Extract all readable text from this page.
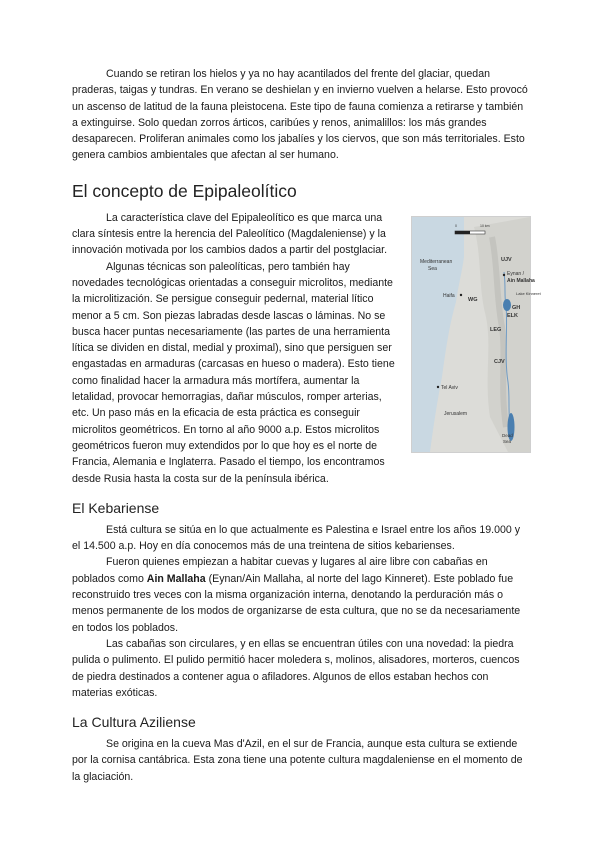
Cuando se retiran los hielos y ya no hay acantilados del frente del glaciar, quedan praderas, taigas y tundras. En verano se deshielan y en invierno vuelven a helarse. Esto provocó un ascenso de latitud de la fauna pleistocena. Este tipo de fauna comienza a retirarse y también a extinguirse. Solo quedan zorros árticos, caribúes y renos, animalillos: los más grandes desaparecen. Proliferan animales como los jabalíes y los ciervos, que son más territoriales. Esto genera cambios ambientales que afectan al ser humano.

El concepto de Epipaleolítico

La característica clave del Epipaleolítico es que marca una clara síntesis entre la herencia del Paleolítico (Magdaleniense) y la innovación motivada por los cambios dados a partir del postglaciar.

Algunas técnicas son paleolíticas, pero también hay novedades tecnológicas orientadas a conseguir microlitos, mediante la microlitización. Se persigue conseguir pedernal, material lítico menor a 5 cm. Son piezas labradas desde lascas o láminas. No se busca hacer puntas necesariamente (las partes de una herramienta lítica se dividen en distal, medial y proximal), sino que persiguen ser engastadas en armaduras (carcasas en hueso o madera). Esto tiene como finalidad hacer la armadura más mortífera, aumentar la letalidad, provocar hemorragias, dañar músculos, romper arterias, etc. Un paso más en la eficacia de esta práctica es conseguir microlitos geométricos. En torno al año 9000 a.p. Estos microlitos geométricos fueron muy extendidos por lo que hoy es el norte de Francia, Alemania e Inglaterra. Pasado el tiempo, los encontramos desde Rusia hasta la costa sur de la península ibérica.

El Kebariense

Está cultura se sitúa en lo que actualmente es Palestina e Israel entre los años 19.000 y el 14.500 a.p. Hoy en día conocemos más de una treintena de sitios kebarienses.

Fueron quienes empiezan a habitar cuevas y lugares al aire libre con cabañas en poblados como Ain Mallaha (Eynan/Ain Mallaha, al norte del lago Kinneret). Este poblado fue reconstruido tres veces con la misma organización interna, denotando la perduración más o menos permanente de los modos de organizarse de esta cultura, que no se da necesariamente en todos los poblados.

Las cabañas son circulares, y en ellas se encuentran útiles con una novedad: la piedra pulida o pulimento. El pulido permitió hacer moledera s, molinos, alisadores, morteros, cuencos de piedra destinados a contener agua o afiladores. Algunos de ellos estaban hechos con materias exóticas.

La Cultura Aziliense

Se origina en la cueva Mas d'Azil, en el sur de Francia, aunque esta cultura se extiende por la cornisa cantábrica. Esta zona tiene una potente cultura magdaleniense en el momento de la glaciación.

0	10 km
Mediterranean
Sea
Haifa
WG
UJV
Eynan /
Ain Mallaha
Lake Kinneret
GH
ELK
LEG
CJV
Tel Aviv
Jerusalem
Dead
Sea
